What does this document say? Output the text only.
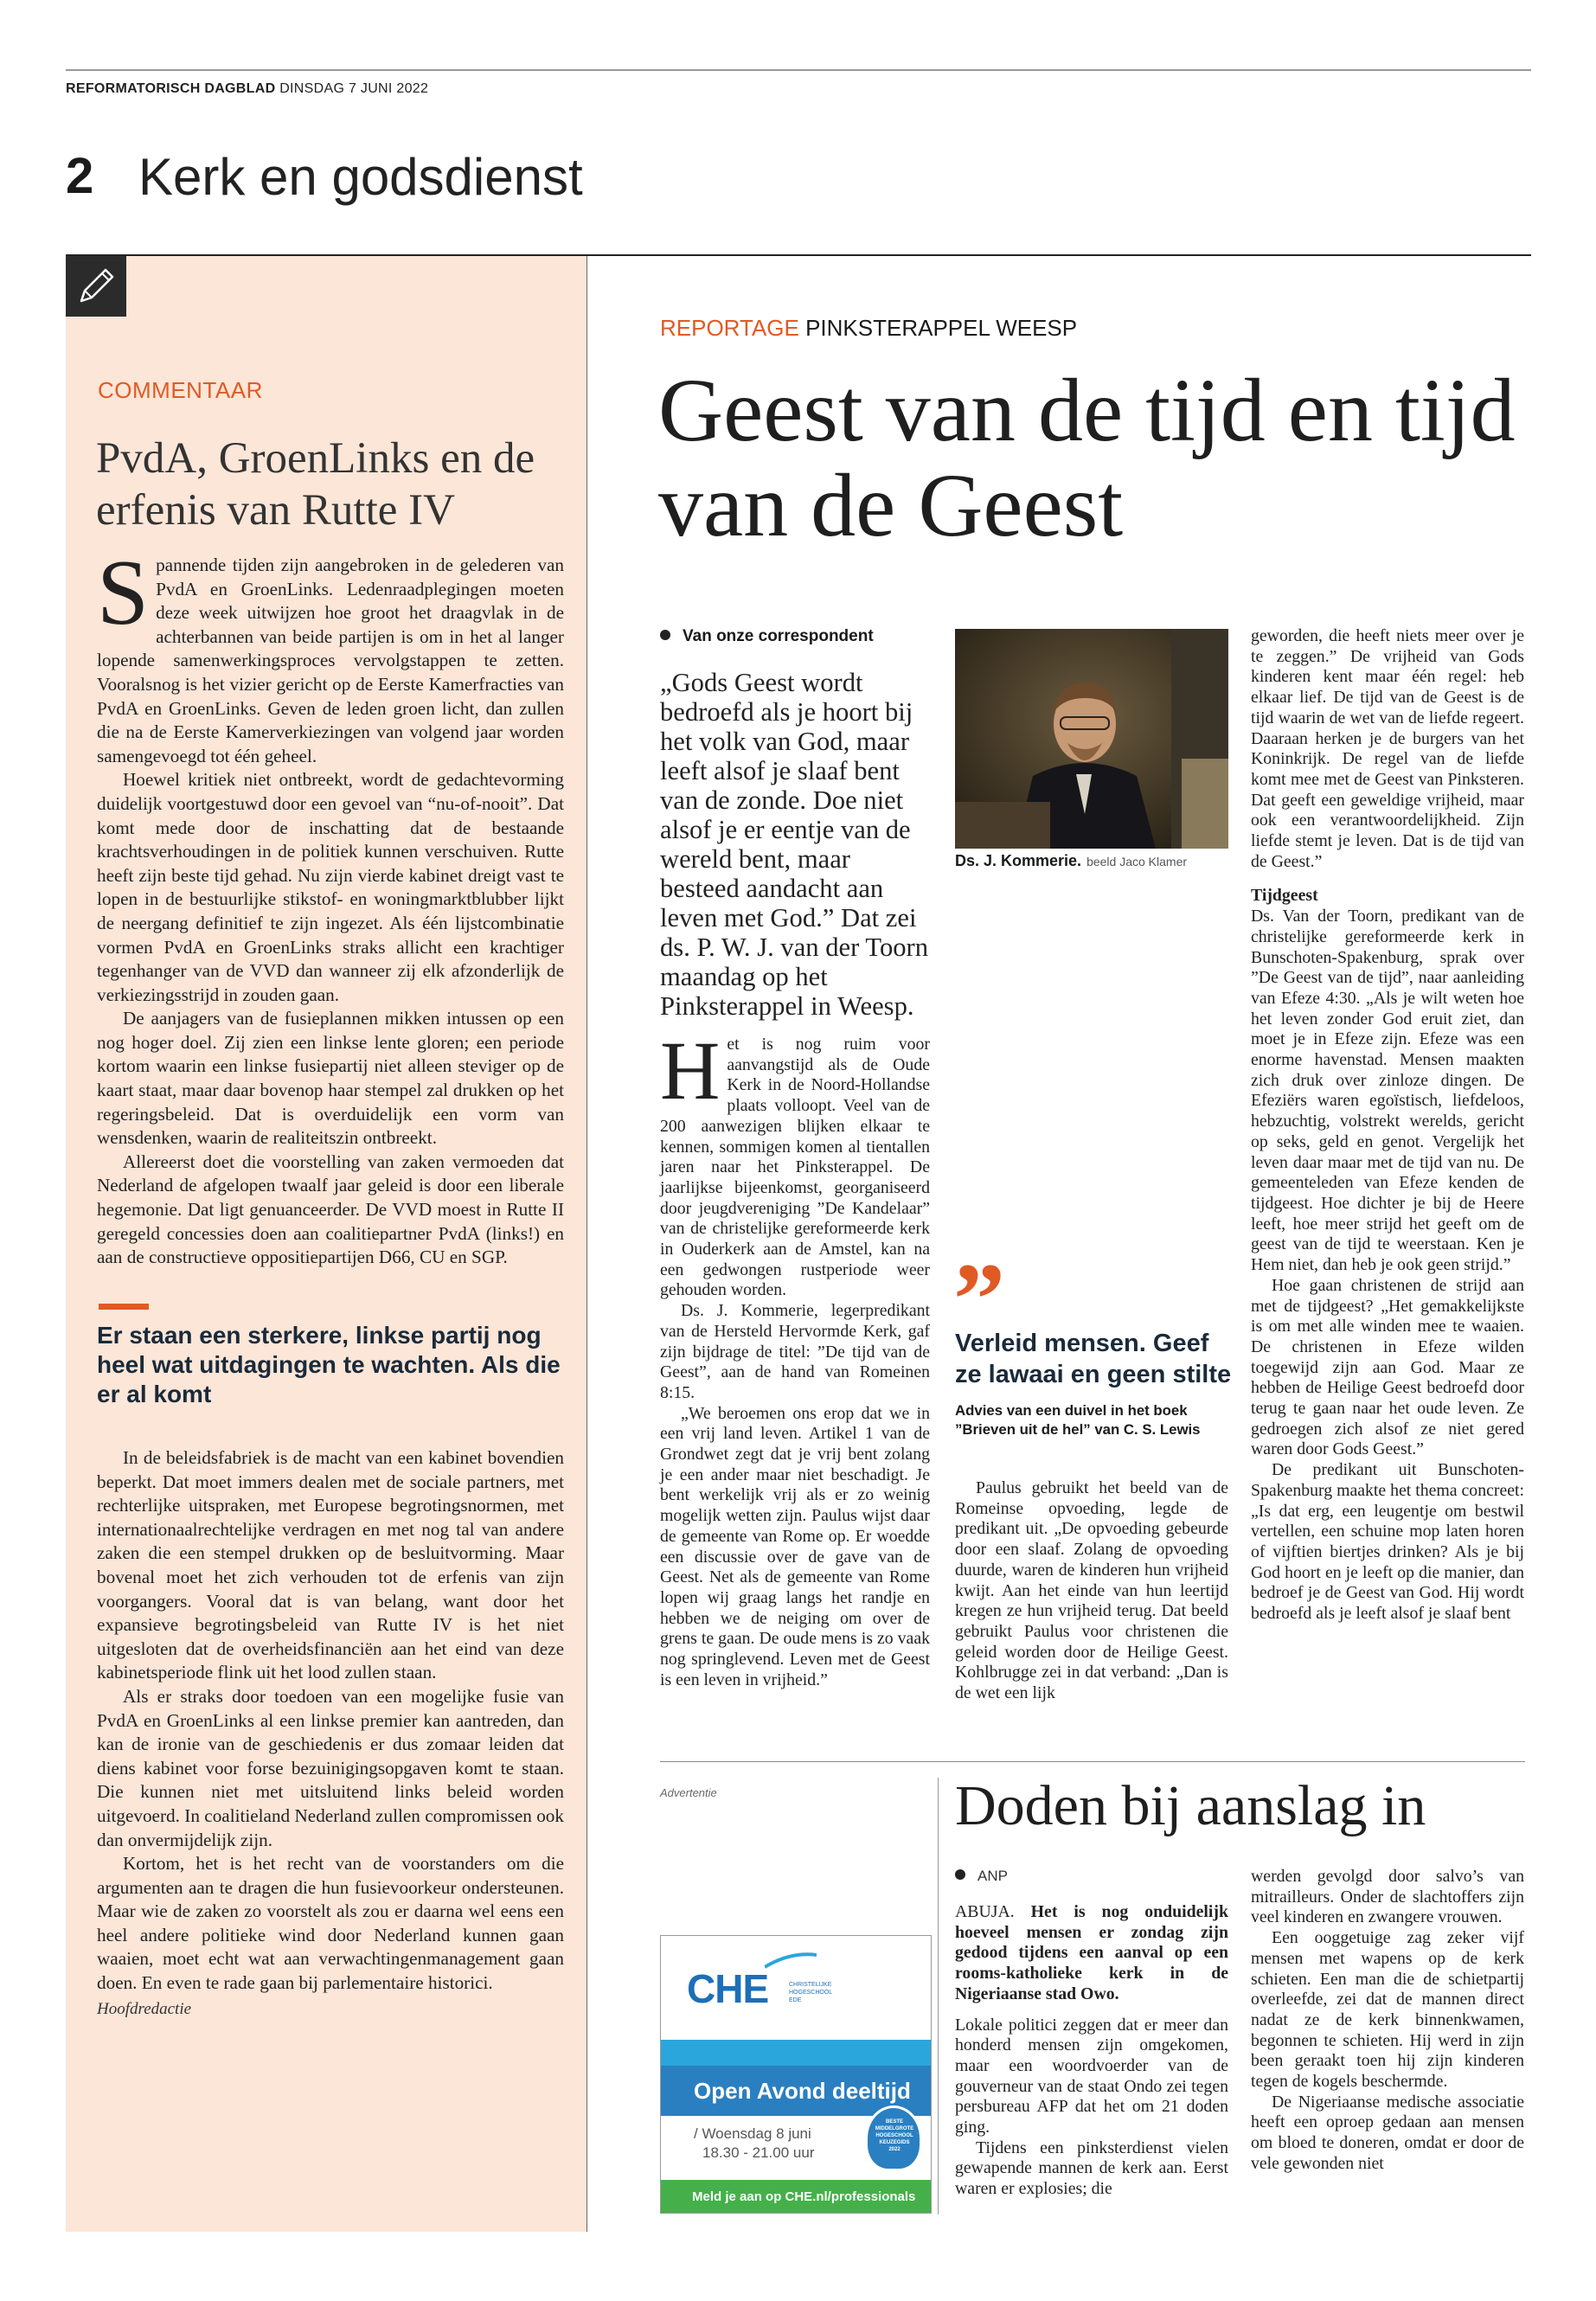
REFORMATORISCH DAGBLAD DINSDAG 7 JUNI 2022
2 Kerk en godsdienst
COMMENTAAR
PvdA, GroenLinks en de erfenis van Rutte IV

Spannende tijden zijn aangebroken in de gelederen van PvdA en GroenLinks. Ledenraadplegingen moeten deze week uitwijzen hoe groot het draagvlak in de achterbannen van beide partijen is om in het al langer lopende samenwerkingsproces vervolgstappen te zetten. Vooralsnog is het vizier gericht op de Eerste Kamerfracties van PvdA en GroenLinks. Geven de leden groen licht, dan zullen die na de Eerste Kamerverkiezingen van volgend jaar worden samengevoegd tot één geheel.

Hoewel kritiek niet ontbreekt, wordt de gedachtevorming duidelijk voortgestuwd door een gevoel van “nu-of-nooit”. Dat komt mede door de inschatting dat de bestaande krachtsverhoudingen in de politiek kunnen verschuiven. Rutte heeft zijn beste tijd gehad. Nu zijn vierde kabinet dreigt vast te lopen in de bestuurlijke stikstof- en woningmarktblubber lijkt de neergang definitief te zijn ingezet. Als één lijstcombinatie vormen PvdA en GroenLinks straks allicht een krachtiger tegenhanger van de VVD dan wanneer zij elk afzonderlijk de verkiezingsstrijd in zouden gaan.

De aanjagers van de fusieplannen mikken intussen op een nog hoger doel. Zij zien een linkse lente gloren; een periode kortom waarin een linkse fusiepartij niet alleen steviger op de kaart staat, maar daar bovenop haar stempel zal drukken op het regeringsbeleid. Dat is overduidelijk een vorm van wensdenken, waarin de realiteitszin ontbreekt.

Allereerst doet die voorstelling van zaken vermoeden dat Nederland de afgelopen twaalf jaar geleid is door een liberale hegemonie. Dat ligt genuanceerder. De VVD moest in Rutte II geregeld concessies doen aan coalitiepartner PvdA (links!) en aan de constructieve oppositiepartijen D66, CU en SGP.

Er staan een sterkere, linkse partij nog heel wat uitdagingen te wachten. Als die er al komt

In de beleidsfabriek is de macht van een kabinet bovendien beperkt. Dat moet immers dealen met de sociale partners, met rechterlijke uitspraken, met Europese begrotingsnormen, met internationaalrechtelijke verdragen en met nog tal van andere zaken die een stempel drukken op de besluitvorming. Maar bovenal moet het zich verhouden tot de erfenis van zijn voorgangers. Vooral dat is van belang, want door het expansieve begrotingsbeleid van Rutte IV is het niet uitgesloten dat de overheidsfinanciën aan het eind van deze kabinetsperiode flink uit het lood zullen staan.

Als er straks door toedoen van een mogelijke fusie van PvdA en GroenLinks al een linkse premier kan aantreden, dan kan de ironie van de geschiedenis er dus zomaar leiden dat diens kabinet voor forse bezuinigingsopgaven komt te staan. Die kunnen niet met uitsluitend links beleid worden uitgevoerd. In coalitieland Nederland zullen compromissen ook dan onvermijdelijk zijn.

Kortom, het is het recht van de voorstanders om die argumenten aan te dragen die hun fusievoorkeur ondersteunen. Maar wie de zaken zo voorstelt als zou er daarna wel eens een heel andere politieke wind door Nederland kunnen gaan waaien, moet echt wat aan verwachtingenmanagement gaan doen. En even te rade gaan bij parlementaire historici.

Hoofdredactie
REPORTAGE PINKSTERAPPEL WEESP
Geest van de tijd en tijd van de Geest
Van onze correspondent
„Gods Geest wordt bedroefd als je hoort bij het volk van God, maar leeft alsof je slaaf bent van de zonde. Doe niet alsof je er eentje van de wereld bent, maar besteed aandacht aan leven met God.” Dat zei ds. P. W. J. van der Toorn maandag op het Pinksterappel in Weesp.

Het is nog ruim voor aanvangstijd als de Oude Kerk in de Noord-Hollandse plaats volloopt. Veel van de 200 aanwezigen blijken elkaar te kennen, sommigen komen al tientallen jaren naar het Pinksterappel. De jaarlijkse bijeenkomst, georganiseerd door jeugdvereniging ”De Kandelaar” van de christelijke gereformeerde kerk in Ouderkerk aan de Amstel, kan na een gedwongen rustperiode weer gehouden worden.

Ds. J. Kommerie, legerpredikant van de Hersteld Hervormde Kerk, gaf zijn bijdrage de titel: ”De tijd van de Geest”, aan de hand van Romeinen 8:15.

„We beroemen ons erop dat we in een vrij land leven. Artikel 1 van de Grondwet zegt dat je vrij bent zolang je een ander maar niet beschadigt. Je bent werkelijk vrij als er zo weinig mogelijk wetten zijn. Paulus wijst daar de gemeente van Rome op. Er woedde een discussie over de gave van de Geest. Net als de gemeente van Rome lopen wij graag langs het randje en hebben we de neiging om over de grens te gaan. De oude mens is zo vaak nog springlevend. Leven met de Geest is een leven in vrijheid.”

Ds. J. Kommerie. beeld Jaco Klamer
”
Verleid mensen. Geef ze lawaai en geen stilte
Advies van een duivel in het boek ”Brieven uit de hel” van C. S. Lewis

Paulus gebruikt het beeld van de Romeinse opvoeding, legde de predikant uit. „De opvoeding gebeurde door een slaaf. Zolang de opvoeding duurde, waren de kinderen hun vrijheid kwijt. Aan het einde van hun leertijd kregen ze hun vrijheid terug. Dat beeld gebruikt Paulus voor christenen die geleid worden door de Heilige Geest. Kohlbrugge zei in dat verband: „Dan is de wet een lijk

geworden, die heeft niets meer over je te zeggen.” De vrijheid van Gods kinderen kent maar één regel: heb elkaar lief. De tijd van de Geest is de tijd waarin de wet van de liefde regeert. Daaraan herken je de burgers van het Koninkrijk. De regel van de liefde komt mee met de Geest van Pinksteren. Dat geeft een geweldige vrijheid, maar ook een verantwoordelijkheid. Zijn liefde stemt je leven. Dat is de tijd van de Geest.”

Tijdgeest

Ds. Van der Toorn, predikant van de christelijke gereformeerde kerk in Bunschoten-Spakenburg, sprak over ”De Geest van de tijd”, naar aanleiding van Efeze 4:30. „Als je wilt weten hoe het leven zonder God eruit ziet, dan moet je in Efeze zijn. Efeze was een enorme havenstad. Mensen maakten zich druk over zinloze dingen. De Efeziërs waren egoïstisch, liefdeloos, hebzuchtig, volstrekt werelds, gericht op seks, geld en genot. Vergelijk het leven daar maar met de tijd van nu. De gemeenteleden van Efeze kenden de tijdgeest. Hoe dichter je bij de Heere leeft, hoe meer strijd het geeft om de geest van de tijd te weerstaan. Ken je Hem niet, dan heb je ook geen strijd.”

Hoe gaan christenen de strijd aan met de tijdgeest? „Het gemakkelijkste is om met alle winden mee te waaien. De christenen in Efeze wilden toegewijd zijn aan God. Maar ze hebben de Heilige Geest bedroefd door terug te gaan naar het oude leven. Ze gedroegen zich alsof ze niet gered waren door Gods Geest.”

De predikant uit Bunschoten-Spakenburg maakte het thema concreet: „Is dat erg, een leugentje om bestwil vertellen, een schuine mop laten horen of vijftien biertjes drinken? Als je bij God hoort en je leeft op die manier, dan bedroef je de Geest van God. Hij wordt bedroefd als je leeft alsof je slaaf bent

Advertentie
CHE	CHRISTELIJKE HOGESCHOOL EDE
Open Avond deeltijd
/ Woensdag 8 juni
18.30 - 21.00 uur
BESTE MIDDELGROTE HOGESCHOOL KEUZEGIDS 2022
Meld je aan op CHE.nl/professionals
Doden bij aanslag in
ANP

ABUJA. Het is nog onduidelijk hoeveel mensen er zondag zijn gedood tijdens een aanval op een rooms-katholieke kerk in de Nigeriaanse stad Owo.

Lokale politici zeggen dat er meer dan honderd mensen zijn omgekomen, maar een woordvoerder van de gouverneur van de staat Ondo zei tegen persbureau AFP dat het om 21 doden ging.

Tijdens een pinksterdienst vielen gewapende mannen de kerk aan. Eerst waren er explosies; die

werden gevolgd door salvo’s van mitrailleurs. Onder de slachtoffers zijn veel kinderen en zwangere vrouwen.

Een ooggetuige zag zeker vijf mensen met wapens op de kerk schieten. Een man die de schietpartij overleefde, zei dat de mannen direct nadat ze de kerk binnenkwamen, begonnen te schieten. Hij werd in zijn been geraakt toen hij zijn kinderen tegen de kogels beschermde.

De Nigeriaanse medische associatie heeft een oproep gedaan aan mensen om bloed te doneren, omdat er door de vele gewonden niet
